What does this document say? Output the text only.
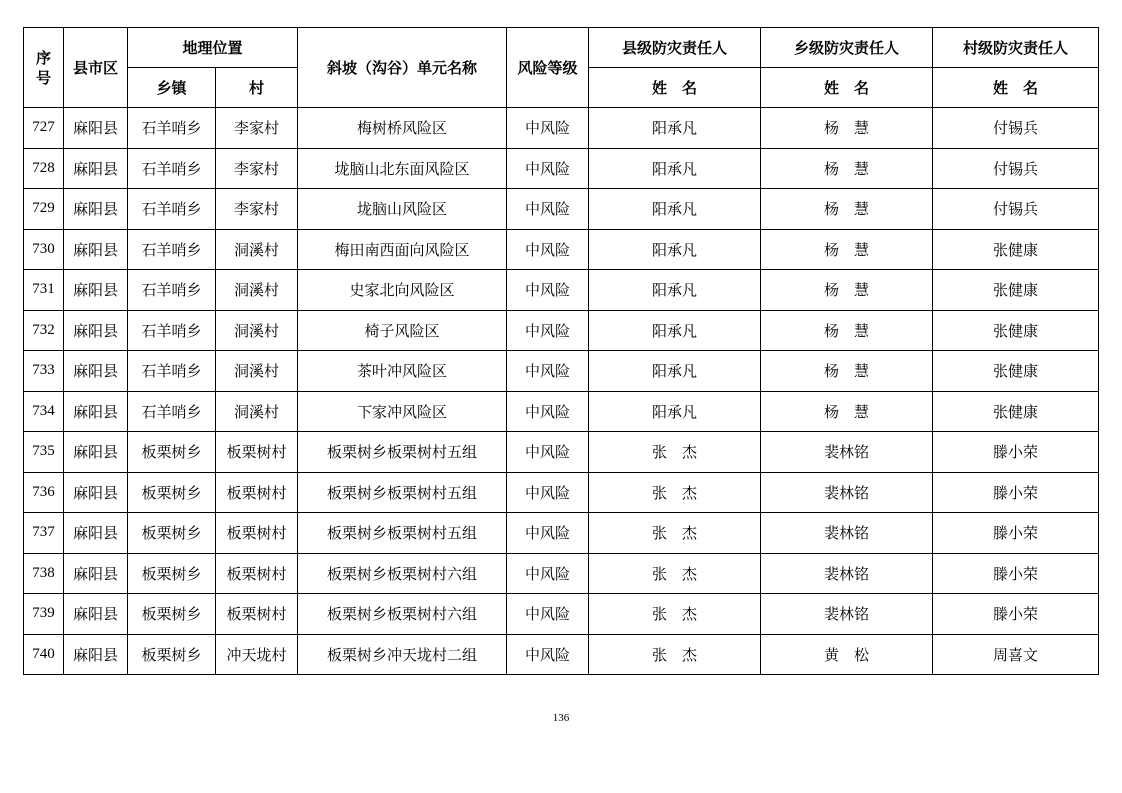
序
号	县市区	地理位置		斜坡（沟谷）单元名称	风险等级	县级防灾责任人	乡级防灾责任人	村级防灾责任人
		乡镇	村			姓　名	姓　名	姓　名
727	麻阳县	石羊哨乡	李家村	梅树桥风险区	中风险	阳承凡	杨　慧	付锡兵
728	麻阳县	石羊哨乡	李家村	垅脑山北东面风险区	中风险	阳承凡	杨　慧	付锡兵
729	麻阳县	石羊哨乡	李家村	垅脑山风险区	中风险	阳承凡	杨　慧	付锡兵
730	麻阳县	石羊哨乡	洞溪村	梅田南西面向风险区	中风险	阳承凡	杨　慧	张健康
731	麻阳县	石羊哨乡	洞溪村	史家北向风险区	中风险	阳承凡	杨　慧	张健康
732	麻阳县	石羊哨乡	洞溪村	椅子风险区	中风险	阳承凡	杨　慧	张健康
733	麻阳县	石羊哨乡	洞溪村	茶叶冲风险区	中风险	阳承凡	杨　慧	张健康
734	麻阳县	石羊哨乡	洞溪村	下家冲风险区	中风险	阳承凡	杨　慧	张健康
735	麻阳县	板栗树乡	板栗树村	板栗树乡板栗树村五组	中风险	张　杰	裴林铭	滕小荣
736	麻阳县	板栗树乡	板栗树村	板栗树乡板栗树村五组	中风险	张　杰	裴林铭	滕小荣
737	麻阳县	板栗树乡	板栗树村	板栗树乡板栗树村五组	中风险	张　杰	裴林铭	滕小荣
738	麻阳县	板栗树乡	板栗树村	板栗树乡板栗树村六组	中风险	张　杰	裴林铭	滕小荣
739	麻阳县	板栗树乡	板栗树村	板栗树乡板栗树村六组	中风险	张　杰	裴林铭	滕小荣
740	麻阳县	板栗树乡	冲天垅村	板栗树乡冲天垅村二组	中风险	张　杰	黄　松	周喜文
136
